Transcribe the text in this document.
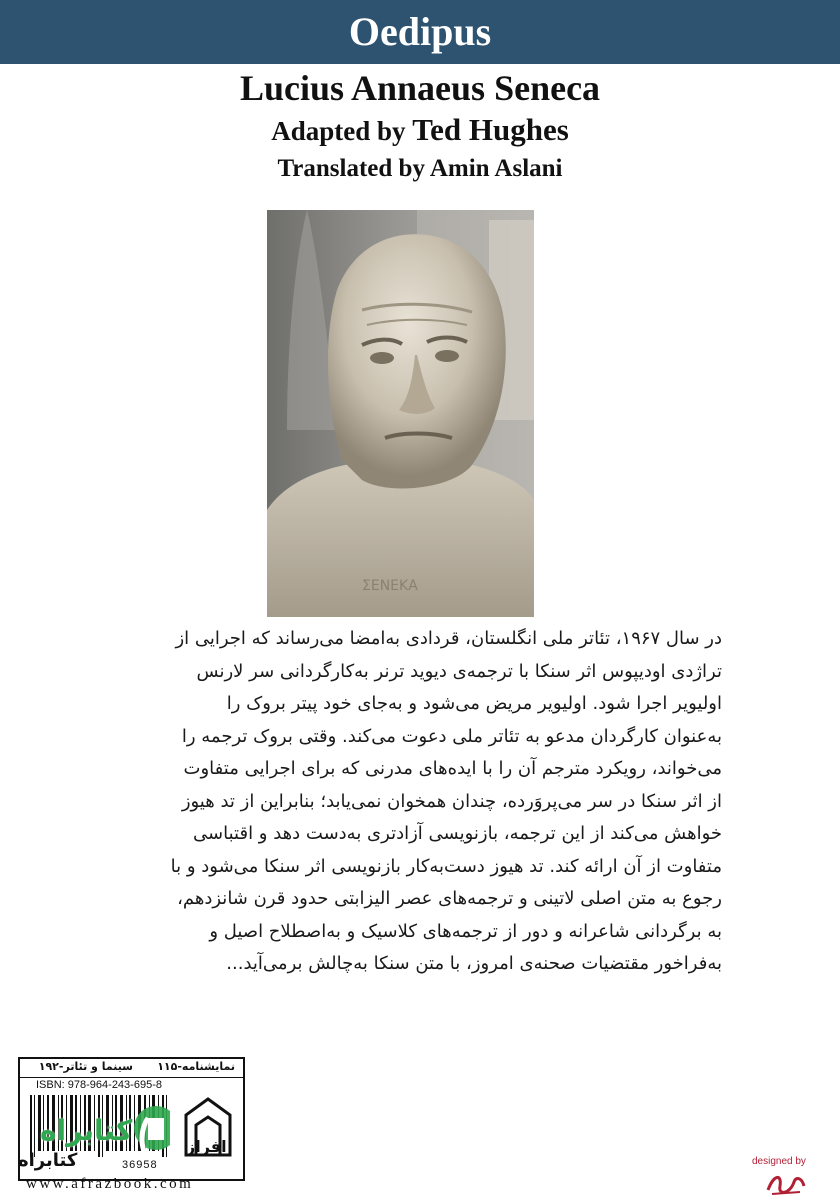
Oedipus
Lucius Annaeus Seneca
Adapted by Ted Hughes
Translated by Amin Aslani
ΣΕΝΕΚΑ

در سال ۱۹۶۷، تئاتر ملی انگلستان، قردادی به‌امضا می‌رساند که اجرایی از

تراژدی اودیپوس اثر سنکا با ترجمه‌ی دیوید ترنر به‌کارگردانی سر لارنس

اولیویر اجرا شود. اولیویر مریض می‌شود و به‌جای خود پیتر بروک را

به‌عنوان کارگردان مدعو به تئاتر ملی دعوت می‌کند. وقتی بروک ترجمه را

می‌خواند، رویکرد مترجم آن را با ایده‌های مدرنی که برای اجرایی متفاوت

از اثر سنکا در سر می‌پروَرده، چندان همخوان نمی‌یابد؛ بنابراین از تد هیوز

خواهش می‌کند از این ترجمه، بازنویسی آزادتری به‌دست دهد و اقتباسی

متفاوت از آن ارائه کند. تد هیوز دست‌به‌کار بازنویسی اثر سنکا می‌شود و با

رجوع به متن اصلی لاتینی و ترجمه‌های عصر الیزابتی حدود قرن شانزدهم،

به برگردانی شاعرانه و دور از ترجمه‌های کلاسیک و به‌اصطلاح اصیل و

به‌فراخور مقتضیات صحنه‌ی امروز، با متن سنکا به‌چالش برمی‌آید...

نمایشنامه-۱۱۵
سینما و تئاتر-۱۹۲
ISBN: 978-964-243-695-8
افراز
36958
کتابراه
کتابراه
www.afrazbook.com
designed by
